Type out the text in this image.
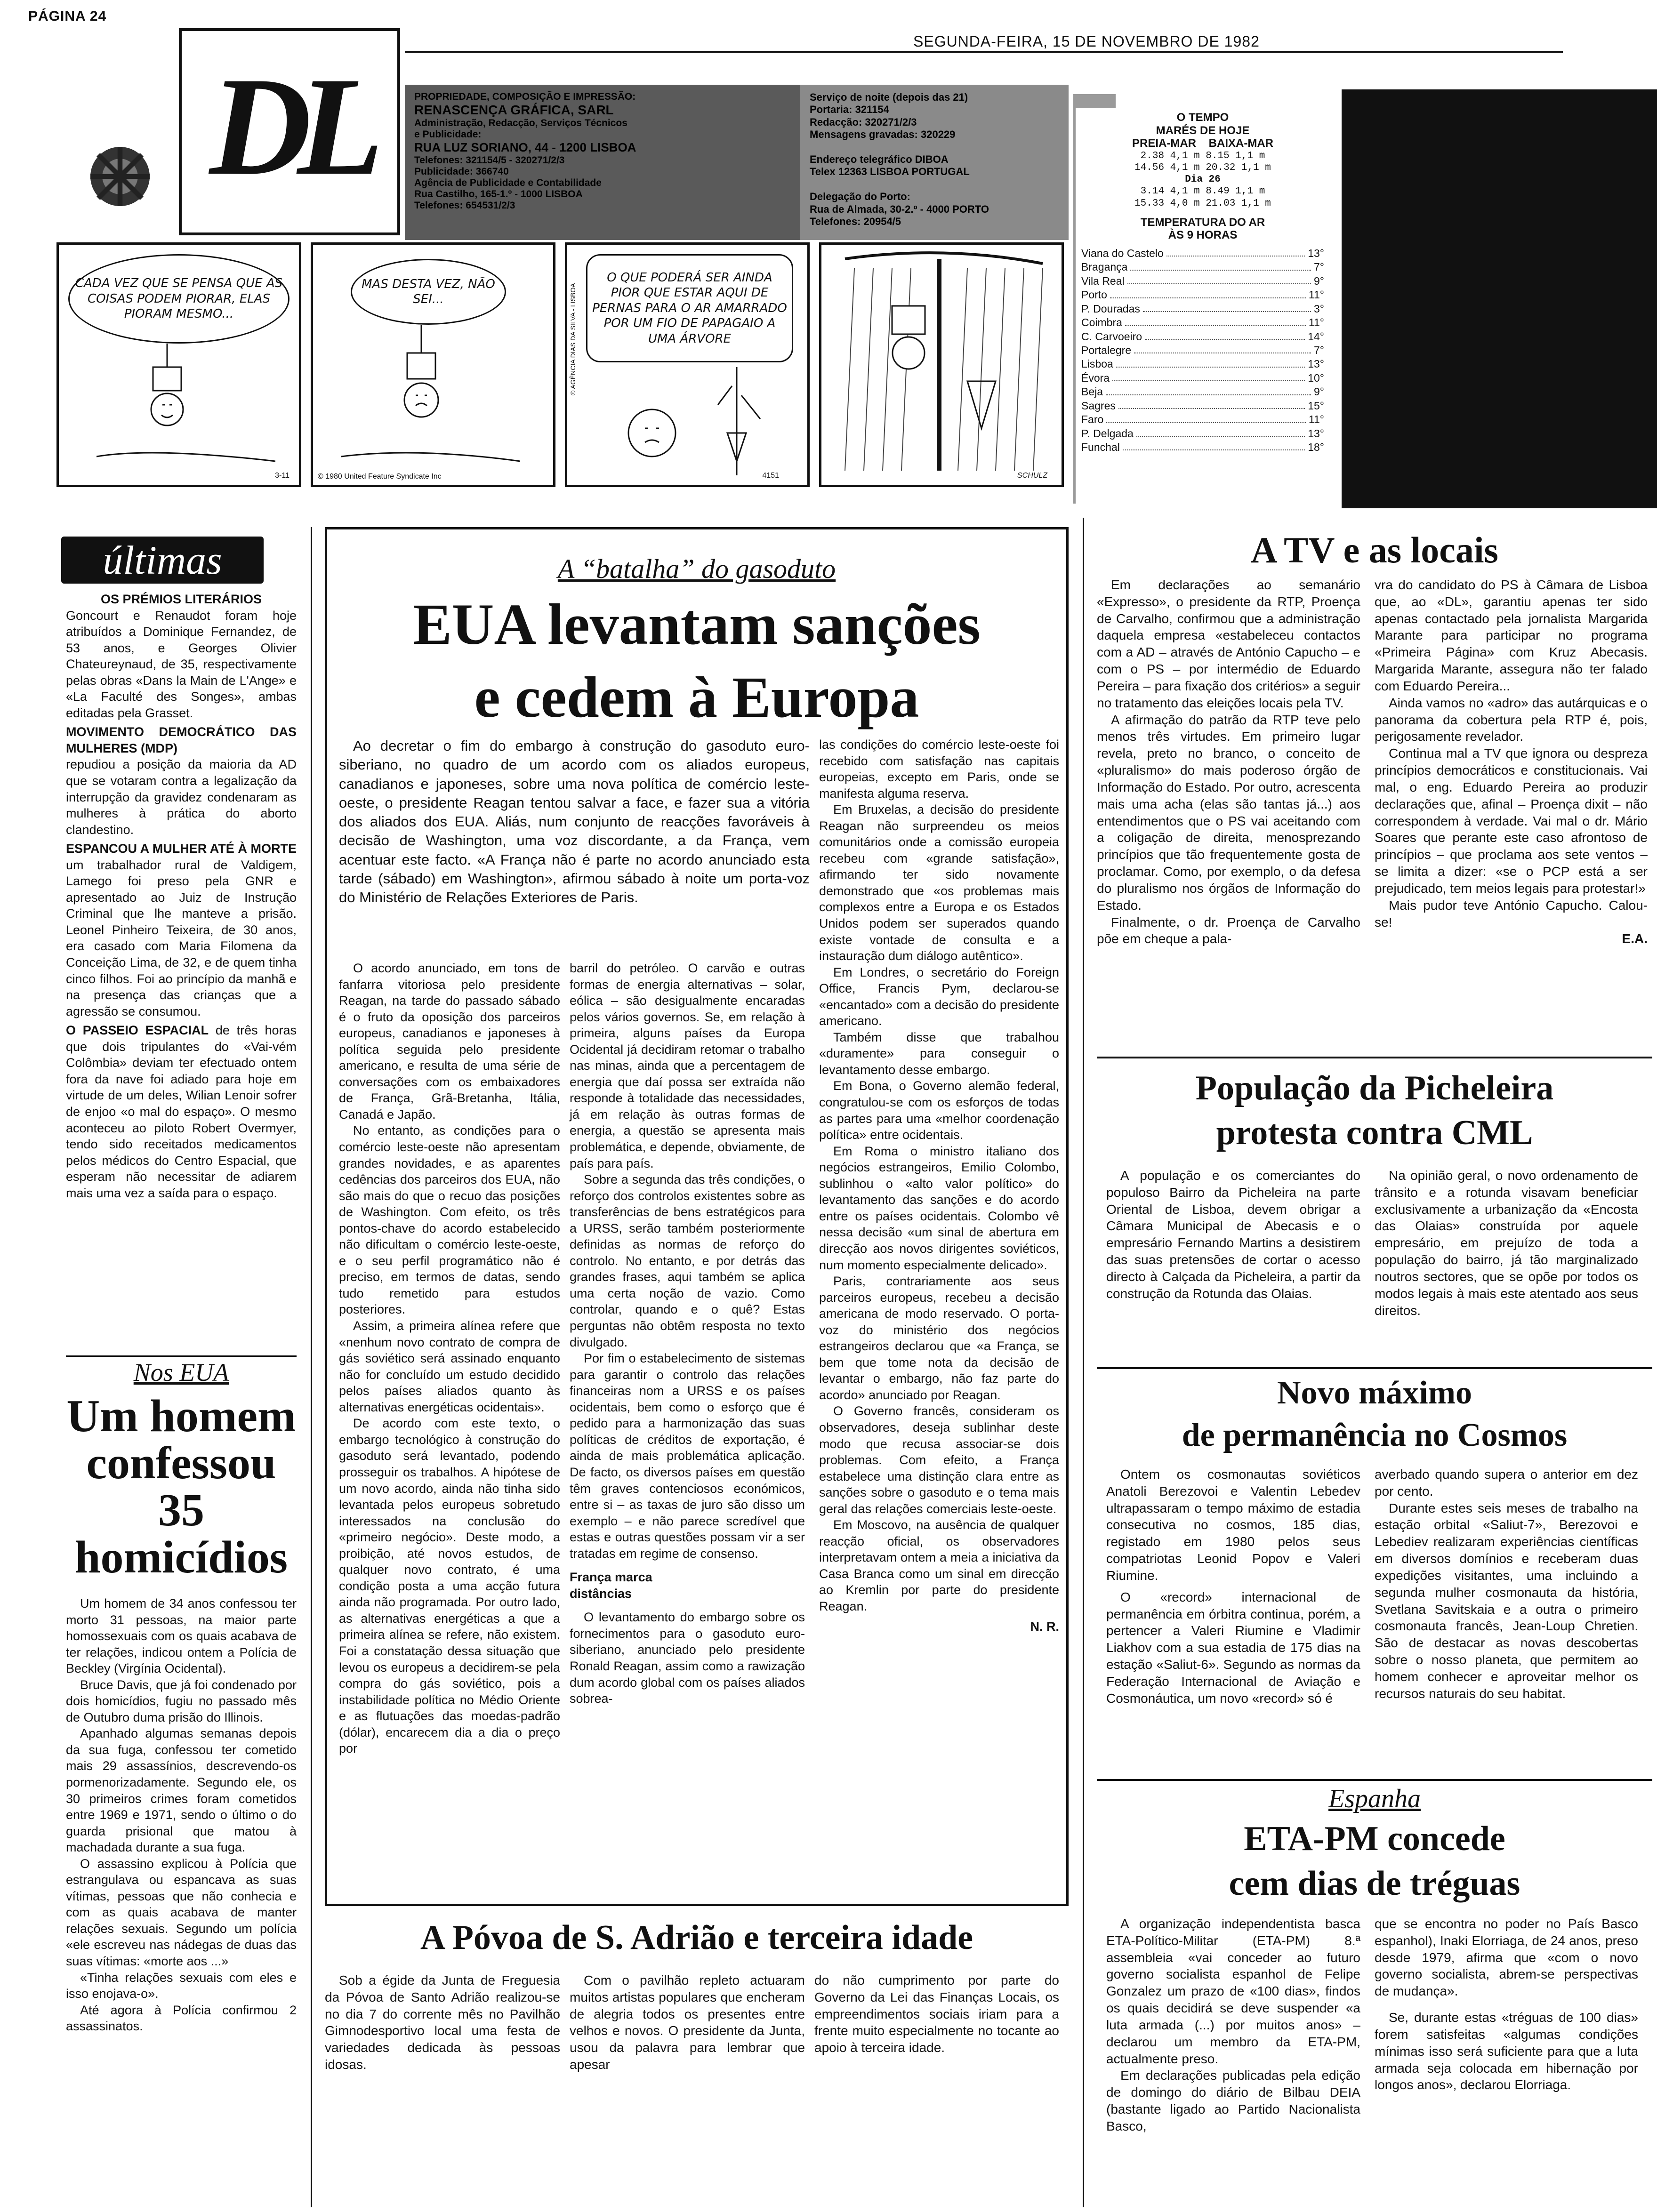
PÁGINA 24
SEGUNDA-FEIRA, 15 DE NOVEMBRO DE 1982
PROPRIEDADE, COMPOSIÇÃO E IMPRESSÃO:
RENASCENÇA GRÁFICA, SARL
Administração, Redacção, Serviços Técnicos
e Publicidade:
RUA LUZ SORIANO, 44 - 1200 LISBOA
Telefones: 321154/5 - 320271/2/3
Publicidade: 366740
Agência de Publicidade e Contabilidade
Rua Castilho, 165-1.º - 1000 LISBOA
Telefones: 654531/2/3
DL	Serviço de noite (depois das 21)
Portaria: 321154
Redacção: 320271/2/3
Mensagens gravadas: 320229

Endereço telegráfico DIBOA
Telex 12363 LISBOA PORTUGAL

Delegação do Porto:
Rua de Almada, 30-2.º - 4000 PORTO
Telefones: 20954/5
O TEMPO
MARÉS DE HOJE
PREIA-MAR    BAIXA-MAR
2.38 4,1 m 8.15 1,1 m
14.56 4,1 m 20.32 1,1 m
Dia 26
3.14 4,1 m 8.49 1,1 m
15.33 4,0 m 21.03 1,1 m
TEMPERATURA DO AR
ÀS 9 HORAS
Viana do Castelo	13°
Bragança	7°
Vila Real	9°
Porto	11°
P. Douradas	3°
Coimbra	11°
C. Carvoeiro	14°
Portalegre	7°
Lisboa	13°
Évora	10°
Beja	9°
Sagres	15°
Faro	11°
P. Delgada	13°
Funchal	18°
CADA VEZ QUE SE PENSA QUE AS COISAS PODEM PIORAR, ELAS PIORAM MESMO...
3-11
MAS DESTA VEZ, NÃO SEI...
© 1980 United Feature Syndicate Inc
O QUE PODERÁ SER AINDA PIOR QUE ESTAR AQUI DE PERNAS PARA O AR AMARRADO POR UM FIO DE PAPAGAIO A UMA ÁRVORE
© AGÊNCIA DIAS DA SILVA - LISBOA
4151	SCHULZ
últimas

OS PRÉMIOS LITERÁRIOS
Goncourt e Renaudot foram hoje atribuídos a Dominique Fernandez, de 53 anos, e Georges Olivier Chateureynaud, de 35, respectivamente pelas obras «Dans la Main de L'Ange» e «La Faculté des Songes», ambas editadas pela Grasset.

MOVIMENTO DEMOCRÁTICO DAS MULHERES (MDP)
repudiou a posição da maioria da AD que se votaram contra a legalização da interrupção da gravidez condenaram as mulheres à prática do aborto clandestino.

ESPANCOU A MULHER ATÉ À MORTE um trabalhador rural de Valdigem, Lamego foi preso pela GNR e apresentado ao Juiz de Instrução Criminal que lhe manteve a prisão. Leonel Pinheiro Teixeira, de 30 anos, era casado com Maria Filomena da Conceição Lima, de 32, e de quem tinha cinco filhos. Foi ao princípio da manhã e na presença das crianças que a agressão se consumou.

O PASSEIO ESPACIAL de três horas que dois tripulantes do «Vai-vém Colômbia» deviam ter efectuado ontem fora da nave foi adiado para hoje em virtude de um deles, Wilian Lenoir sofrer de enjoo «o mal do espaço». O mesmo aconteceu ao piloto Robert Overmyer, tendo sido receitados medicamentos pelos médicos do Centro Espacial, que esperam não necessitar de adiarem mais uma vez a saída para o espaço.

Nos EUA
Um homem confessou 35 homicídios

Um homem de 34 anos confessou ter morto 31 pessoas, na maior parte homossexuais com os quais acabava de ter relações, indicou ontem a Polícia de Beckley (Virgínia Ocidental).

Bruce Davis, que já foi condenado por dois homicídios, fugiu no passado mês de Outubro duma prisão do Illinois.

Apanhado algumas semanas depois da sua fuga, confessou ter cometido mais 29 assassínios, descrevendo-os pormenorizadamente. Segundo ele, os 30 primeiros crimes foram cometidos entre 1969 e 1971, sendo o último o do guarda prisional que matou à machadada durante a sua fuga.

O assassino explicou à Polícia que estrangulava ou espancava as suas vítimas, pessoas que não conhecia e com as quais acabava de manter relações sexuais. Segundo um polícia «ele escreveu nas nádegas de duas das suas vítimas: «morte aos ...»

«Tinha relações sexuais com eles e isso enojava-o».

Até agora à Polícia confirmou 2 assassinatos.

A “batalha” do gasoduto
EUA levantam sanções
e cedem à Europa

Ao decretar o fim do embargo à construção do gasoduto euro-siberiano, no quadro de um acordo com os aliados europeus, canadianos e japoneses, sobre uma nova política de comércio leste-oeste, o presidente Reagan tentou salvar a face, e fazer sua a vitória dos aliados dos EUA. Aliás, num conjunto de reacções favoráveis à decisão de Washington, uma voz discordante, a da França, vem acentuar este facto. «A França não é parte no acordo anunciado esta tarde (sábado) em Washington», afirmou sábado à noite um porta-voz do Ministério de Relações Exteriores de Paris.

O acordo anunciado, em tons de fanfarra vitoriosa pelo presidente Reagan, na tarde do passado sábado é o fruto da oposição dos parceiros europeus, canadianos e japoneses à política seguida pelo presidente americano, e resulta de uma série de conversações com os embaixadores de França, Grã-Bretanha, Itália, Canadá e Japão.

No entanto, as condições para o comércio leste-oeste não apresentam grandes novidades, e as aparentes cedências dos parceiros dos EUA, não são mais do que o recuo das posições de Washington. Com efeito, os três pontos-chave do acordo estabelecido não dificultam o comércio leste-oeste, e o seu perfil programático não é preciso, em termos de datas, sendo tudo remetido para estudos posteriores.

Assim, a primeira alínea refere que «nenhum novo contrato de compra de gás soviético será assinado enquanto não for concluído um estudo decidido pelos países aliados quanto às alternativas energéticas ocidentais».

De acordo com este texto, o embargo tecnológico à construção do gasoduto será levantado, podendo prosseguir os trabalhos. A hipótese de um novo acordo, ainda não tinha sido levantada pelos europeus sobretudo interessados na conclusão do «primeiro negócio». Deste modo, a proibição, até novos estudos, de qualquer novo contrato, é uma condição posta a uma acção futura ainda não programada. Por outro lado, as alternativas energéticas a que a primeira alínea se refere, não existem. Foi a constatação dessa situação que levou os europeus a decidirem-se pela compra do gás soviético, pois a instabilidade política no Médio Oriente e as flutuações das moedas-padrão (dólar), encarecem dia a dia o preço por

barril do petróleo. O carvão e outras formas de energia alternativas – solar, eólica – são desigualmente encaradas pelos vários governos. Se, em relação à primeira, alguns países da Europa Ocidental já decidiram retomar o trabalho nas minas, ainda que a percentagem de energia que daí possa ser extraída não responde à totalidade das necessidades, já em relação às outras formas de energia, a questão se apresenta mais problemática, e depende, obviamente, de país para país.

Sobre a segunda das três condições, o reforço dos controlos existentes sobre as transferências de bens estratégicos para a URSS, serão também posteriormente definidas as normas de reforço do controlo. No entanto, e por detrás das grandes frases, aqui também se aplica uma certa noção de vazio. Como controlar, quando e o quê? Estas perguntas não obtêm resposta no texto divulgado.

Por fim o estabelecimento de sistemas para garantir o controlo das relações financeiras nom a URSS e os países ocidentais, bem como o esforço que é pedido para a harmonização das suas políticas de créditos de exportação, é ainda de mais problemática aplicação. De facto, os diversos países em questão têm graves contenciosos económicos, entre si – as taxas de juro são disso um exemplo – e não parece scredível que estas e outras questões possam vir a ser tratadas em regime de consenso.

França marca distâncias

O levantamento do embargo sobre os fornecimentos para o gasoduto euro-siberiano, anunciado pelo presidente Ronald Reagan, assim como a rawização dum acordo global com os países aliados sobrea-

las condições do comércio leste-oeste foi recebido com satisfação nas capitais europeias, excepto em Paris, onde se manifesta alguma reserva.

Em Bruxelas, a decisão do presidente Reagan não surpreendeu os meios comunitários onde a comissão europeia recebeu com «grande satisfação», afirmando ter sido novamente demonstrado que «os problemas mais complexos entre a Europa e os Estados Unidos podem ser superados quando existe vontade de consulta e a instauração dum diálogo autêntico».

Em Londres, o secretário do Foreign Office, Francis Pym, declarou-se «encantado» com a decisão do presidente americano.

Também disse que trabalhou «duramente» para conseguir o levantamento desse embargo.

Em Bona, o Governo alemão federal, congratulou-se com os esforços de todas as partes para uma «melhor coordenação política» entre ocidentais.

Em Roma o ministro italiano dos negócios estrangeiros, Emilio Colombo, sublinhou o «alto valor político» do levantamento das sanções e do acordo entre os países ocidentais. Colombo vê nessa decisão «um sinal de abertura em direcção aos novos dirigentes soviéticos, num momento especialmente delicado».

Paris, contrariamente aos seus parceiros europeus, recebeu a decisão americana de modo reservado. O porta-voz do ministério dos negócios estrangeiros declarou que «a França, se bem que tome nota da decisão de levantar o embargo, não faz parte do acordo» anunciado por Reagan.

O Governo francês, consideram os observadores, deseja sublinhar deste modo que recusa associar-se dois problemas. Com efeito, a França estabelece uma distinção clara entre as sanções sobre o gasoduto e o tema mais geral das relações comerciais leste-oeste.

Em Moscovo, na ausência de qualquer reacção oficial, os observadores interpretavam ontem a meia a iniciativa da Casa Branca como um sinal em direcção ao Kremlin por parte do presidente Reagan.

N. R.

A Póvoa de S. Adrião e terceira idade

Sob a égide da Junta de Freguesia da Póvoa de Santo Adrião realizou-se no dia 7 do corrente mês no Pavilhão Gimnodesportivo local uma festa de variedades dedicada às pessoas idosas.

Com o pavilhão repleto actuaram muitos artistas populares que encheram de alegria todos os presentes entre velhos e novos. O presidente da Junta, usou da palavra para lembrar que apesar

do não cumprimento por parte do Governo da Lei das Finanças Locais, os empreendimentos sociais iriam para a frente muito especialmente no tocante ao apoio à terceira idade.

A TV e as locais

Em declarações ao semanário «Expresso», o presidente da RTP, Proença de Carvalho, confirmou que a administração daquela empresa «estabeleceu contactos com a AD – através de António Capucho – e com o PS – por intermédio de Eduardo Pereira – para fixação dos critérios» a seguir no tratamento das eleições locais pela TV.

A afirmação do patrão da RTP teve pelo menos três virtudes. Em primeiro lugar revela, preto no branco, o conceito de «pluralismo» do mais poderoso órgão de Informação do Estado. Por outro, acrescenta mais uma acha (elas são tantas já...) aos entendimentos que o PS vai aceitando com a coligação de direita, menosprezando princípios que tão frequentemente gosta de proclamar. Como, por exemplo, o da defesa do pluralismo nos órgãos de Informação do Estado.

Finalmente, o dr. Proença de Carvalho põe em cheque a pala-

vra do candidato do PS à Câmara de Lisboa que, ao «DL», garantiu apenas ter sido apenas contactado pela jornalista Margarida Marante para participar no programa «Primeira Página» com Kruz Abecasis. Margarida Marante, assegura não ter falado com Eduardo Pereira...

Ainda vamos no «adro» das autárquicas e o panorama da cobertura pela RTP é, pois, perigosamente revelador.

Continua mal a TV que ignora ou despreza princípios democráticos e constitucionais. Vai mal, o eng. Eduardo Pereira ao produzir declarações que, afinal – Proença dixit – não correspondem à verdade. Vai mal o dr. Mário Soares que perante este caso afrontoso de princípios – que proclama aos sete ventos – se limita a dizer: «se o PCP está a ser prejudicado, tem meios legais para protestar!»

Mais pudor teve António Capucho. Calou-se!

E.A.

População da Picheleira
protesta contra CML

A população e os comerciantes do populoso Bairro da Picheleira na parte Oriental de Lisboa, devem obrigar a Câmara Municipal de Abecasis e o empresário Fernando Martins a desistirem das suas pretensões de cortar o acesso directo à Calçada da Picheleira, a partir da construção da Rotunda das Olaias.

Na opinião geral, o novo ordenamento de trânsito e a rotunda visavam beneficiar exclusivamente a urbanização da «Encosta das Olaias» construída por aquele empresário, em prejuízo de toda a população do bairro, já tão marginalizado noutros sectores, que se opõe por todos os modos legais à mais este atentado aos seus direitos.

Novo máximo
de permanência no Cosmos

Ontem os cosmonautas soviéticos Anatoli Berezovoi e Valentin Lebedev ultrapassaram o tempo máximo de estadia consecutiva no cosmos, 185 dias, registado em 1980 pelos seus compatriotas Leonid Popov e Valeri Riumine.

O «record» internacional de permanência em órbitra continua, porém, a pertencer a Valeri Riumine e Vladimir Liakhov com a sua estadia de 175 dias na estação «Saliut-6». Segundo as normas da Federação Internacional de Aviação e Cosmonáutica, um novo «record» só é

averbado quando supera o anterior em dez por cento.

Durante estes seis meses de trabalho na estação orbital «Saliut-7», Berezovoi e Lebediev realizaram experiências científicas em diversos domínios e receberam duas expedições visitantes, uma incluindo a segunda mulher cosmonauta da história, Svetlana Savitskaia e a outra o primeiro cosmonauta francês, Jean-Loup Chretien. São de destacar as novas descobertas sobre o nosso planeta, que permitem ao homem conhecer e aproveitar melhor os recursos naturais do seu habitat.

Espanha
ETA-PM concede
cem dias de tréguas

A organização independentista basca ETA-Político-Militar (ETA-PM) 8.ª assembleia «vai conceder ao futuro governo socialista espanhol de Felipe Gonzalez um prazo de «100 dias», findos os quais decidirá se deve suspender «a luta armada (...) por muitos anos» – declarou um membro da ETA-PM, actualmente preso.

Em declarações publicadas pela edição de domingo do diário de Bilbau DEIA (bastante ligado ao Partido Nacionalista Basco,

que se encontra no poder no País Basco espanhol), Inaki Elorriaga, de 24 anos, preso desde 1979, afirma que «com o novo governo socialista, abrem-se perspectivas de mudança».

Se, durante estas «tréguas de 100 dias» forem satisfeitas «algumas condições mínimas isso será suficiente para que a luta armada seja colocada em hibernação por longos anos», declarou Elorriaga.
